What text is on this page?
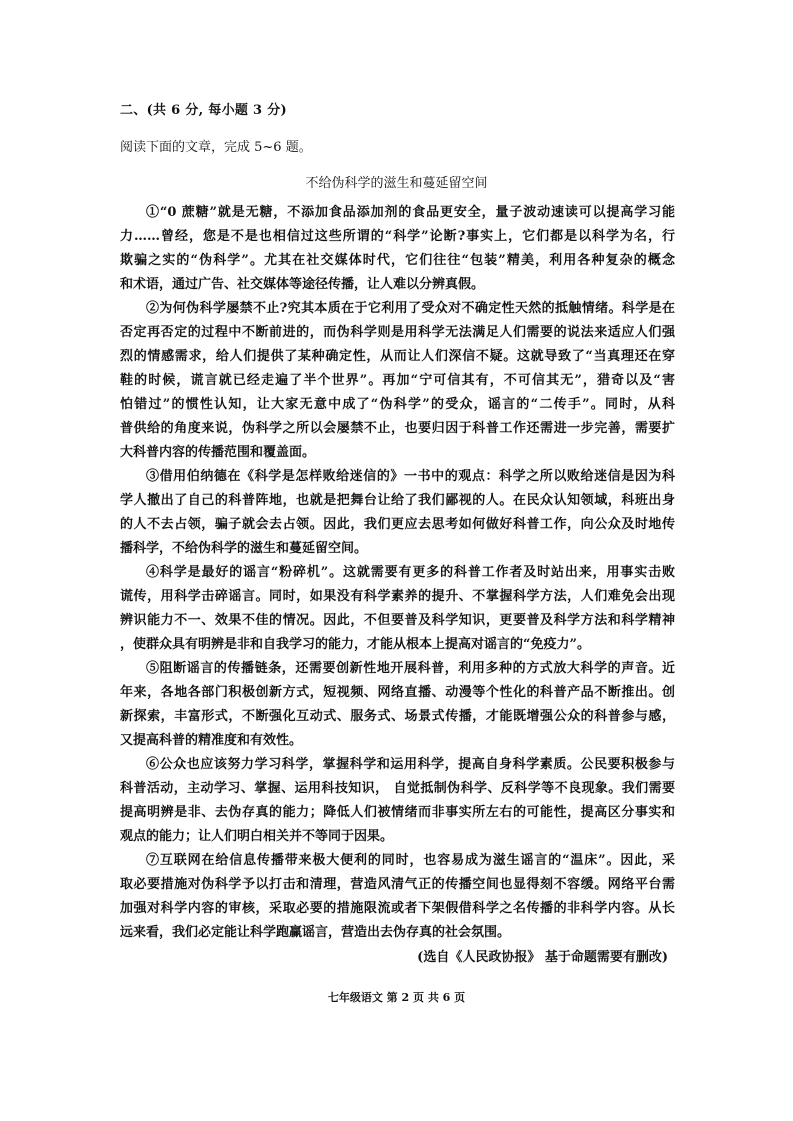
二、(共 6 分, 每小题 3 分)
阅读下面的文章，完成 5~6 题。
不给伪科学的滋生和蔓延留空间
①“0 蔗糖”就是无糖，不添加食品添加剂的食品更安全，量子波动速读可以提高学习能
力……曾经，您是不是也相信过这些所谓的“科学”论断?事实上，它们都是以科学为名，行
欺骗之实的“伪科学”。尤其在社交媒体时代，它们往往“包装”精美，利用各种复杂的概念
和术语，通过广告、社交媒体等途径传播，让人难以分辨真假。
②为何伪科学屡禁不止?究其本质在于它利用了受众对不确定性天然的抵触情绪。科学是在
否定再否定的过程中不断前进的，而伪科学则是用科学无法满足人们需要的说法来适应人们强
烈的情感需求，给人们提供了某种确定性，从而让人们深信不疑。这就导致了“当真理还在穿
鞋的时候，谎言就已经走遍了半个世界”。再加“宁可信其有，不可信其无”，猎奇以及“害
怕错过”的惯性认知，让大家无意中成了“伪科学”的受众，谣言的“二传手”。同时，从科
普供给的角度来说，伪科学之所以会屡禁不止，也要归因于科普工作还需进一步完善，需要扩
大科普内容的传播范围和覆盖面。
③借用伯纳德在《科学是怎样败给迷信的》一书中的观点：科学之所以败给迷信是因为科
学人撤出了自己的科普阵地，也就是把舞台让给了我们鄙视的人。在民众认知领域，科班出身
的人不去占领，骗子就会去占领。因此，我们更应去思考如何做好科普工作，向公众及时地传
播科学，不给伪科学的滋生和蔓延留空间。
④科学是最好的谣言“粉碎机”。这就需要有更多的科普工作者及时站出来，用事实击败
谎传，用科学击碎谣言。同时，如果没有科学素养的提升、不掌握科学方法，人们难免会出现
辨识能力不一、效果不佳的情况。因此，不但要普及科学知识，更要普及科学方法和科学精神
，使群众具有明辨是非和自我学习的能力，才能从根本上提高对谣言的“免疫力”。
⑤阻断谣言的传播链条，还需要创新性地开展科普，利用多种的方式放大科学的声音。近
年来，各地各部门积极创新方式，短视频、网络直播、动漫等个性化的科普产品不断推出。创
新探索，丰富形式，不断强化互动式、服务式、场景式传播，才能既增强公众的科普参与感，
又提高科普的精准度和有效性。
⑥公众也应该努力学习科学，掌握科学和运用科学，提高自身科学素质。公民要积极参与
科普活动，主动学习、掌握、运用科技知识， 自觉抵制伪科学、反科学等不良现象。我们需要
提高明辨是非、去伪存真的能力；降低人们被情绪而非事实所左右的可能性，提高区分事实和
观点的能力；让人们明白相关并不等同于因果。
⑦互联网在给信息传播带来极大便利的同时，也容易成为滋生谣言的“温床”。因此，采
取必要措施对伪科学予以打击和清理，营造风清气正的传播空间也显得刻不容缓。网络平台需
加强对科学内容的审核，采取必要的措施限流或者下架假借科学之名传播的非科学内容。从长
远来看，我们必定能让科学跑赢谣言，营造出去伪存真的社会氛围。
(选自《人民政协报》 基于命题需要有删改)
七年级语文 第 2 页 共 6 页
